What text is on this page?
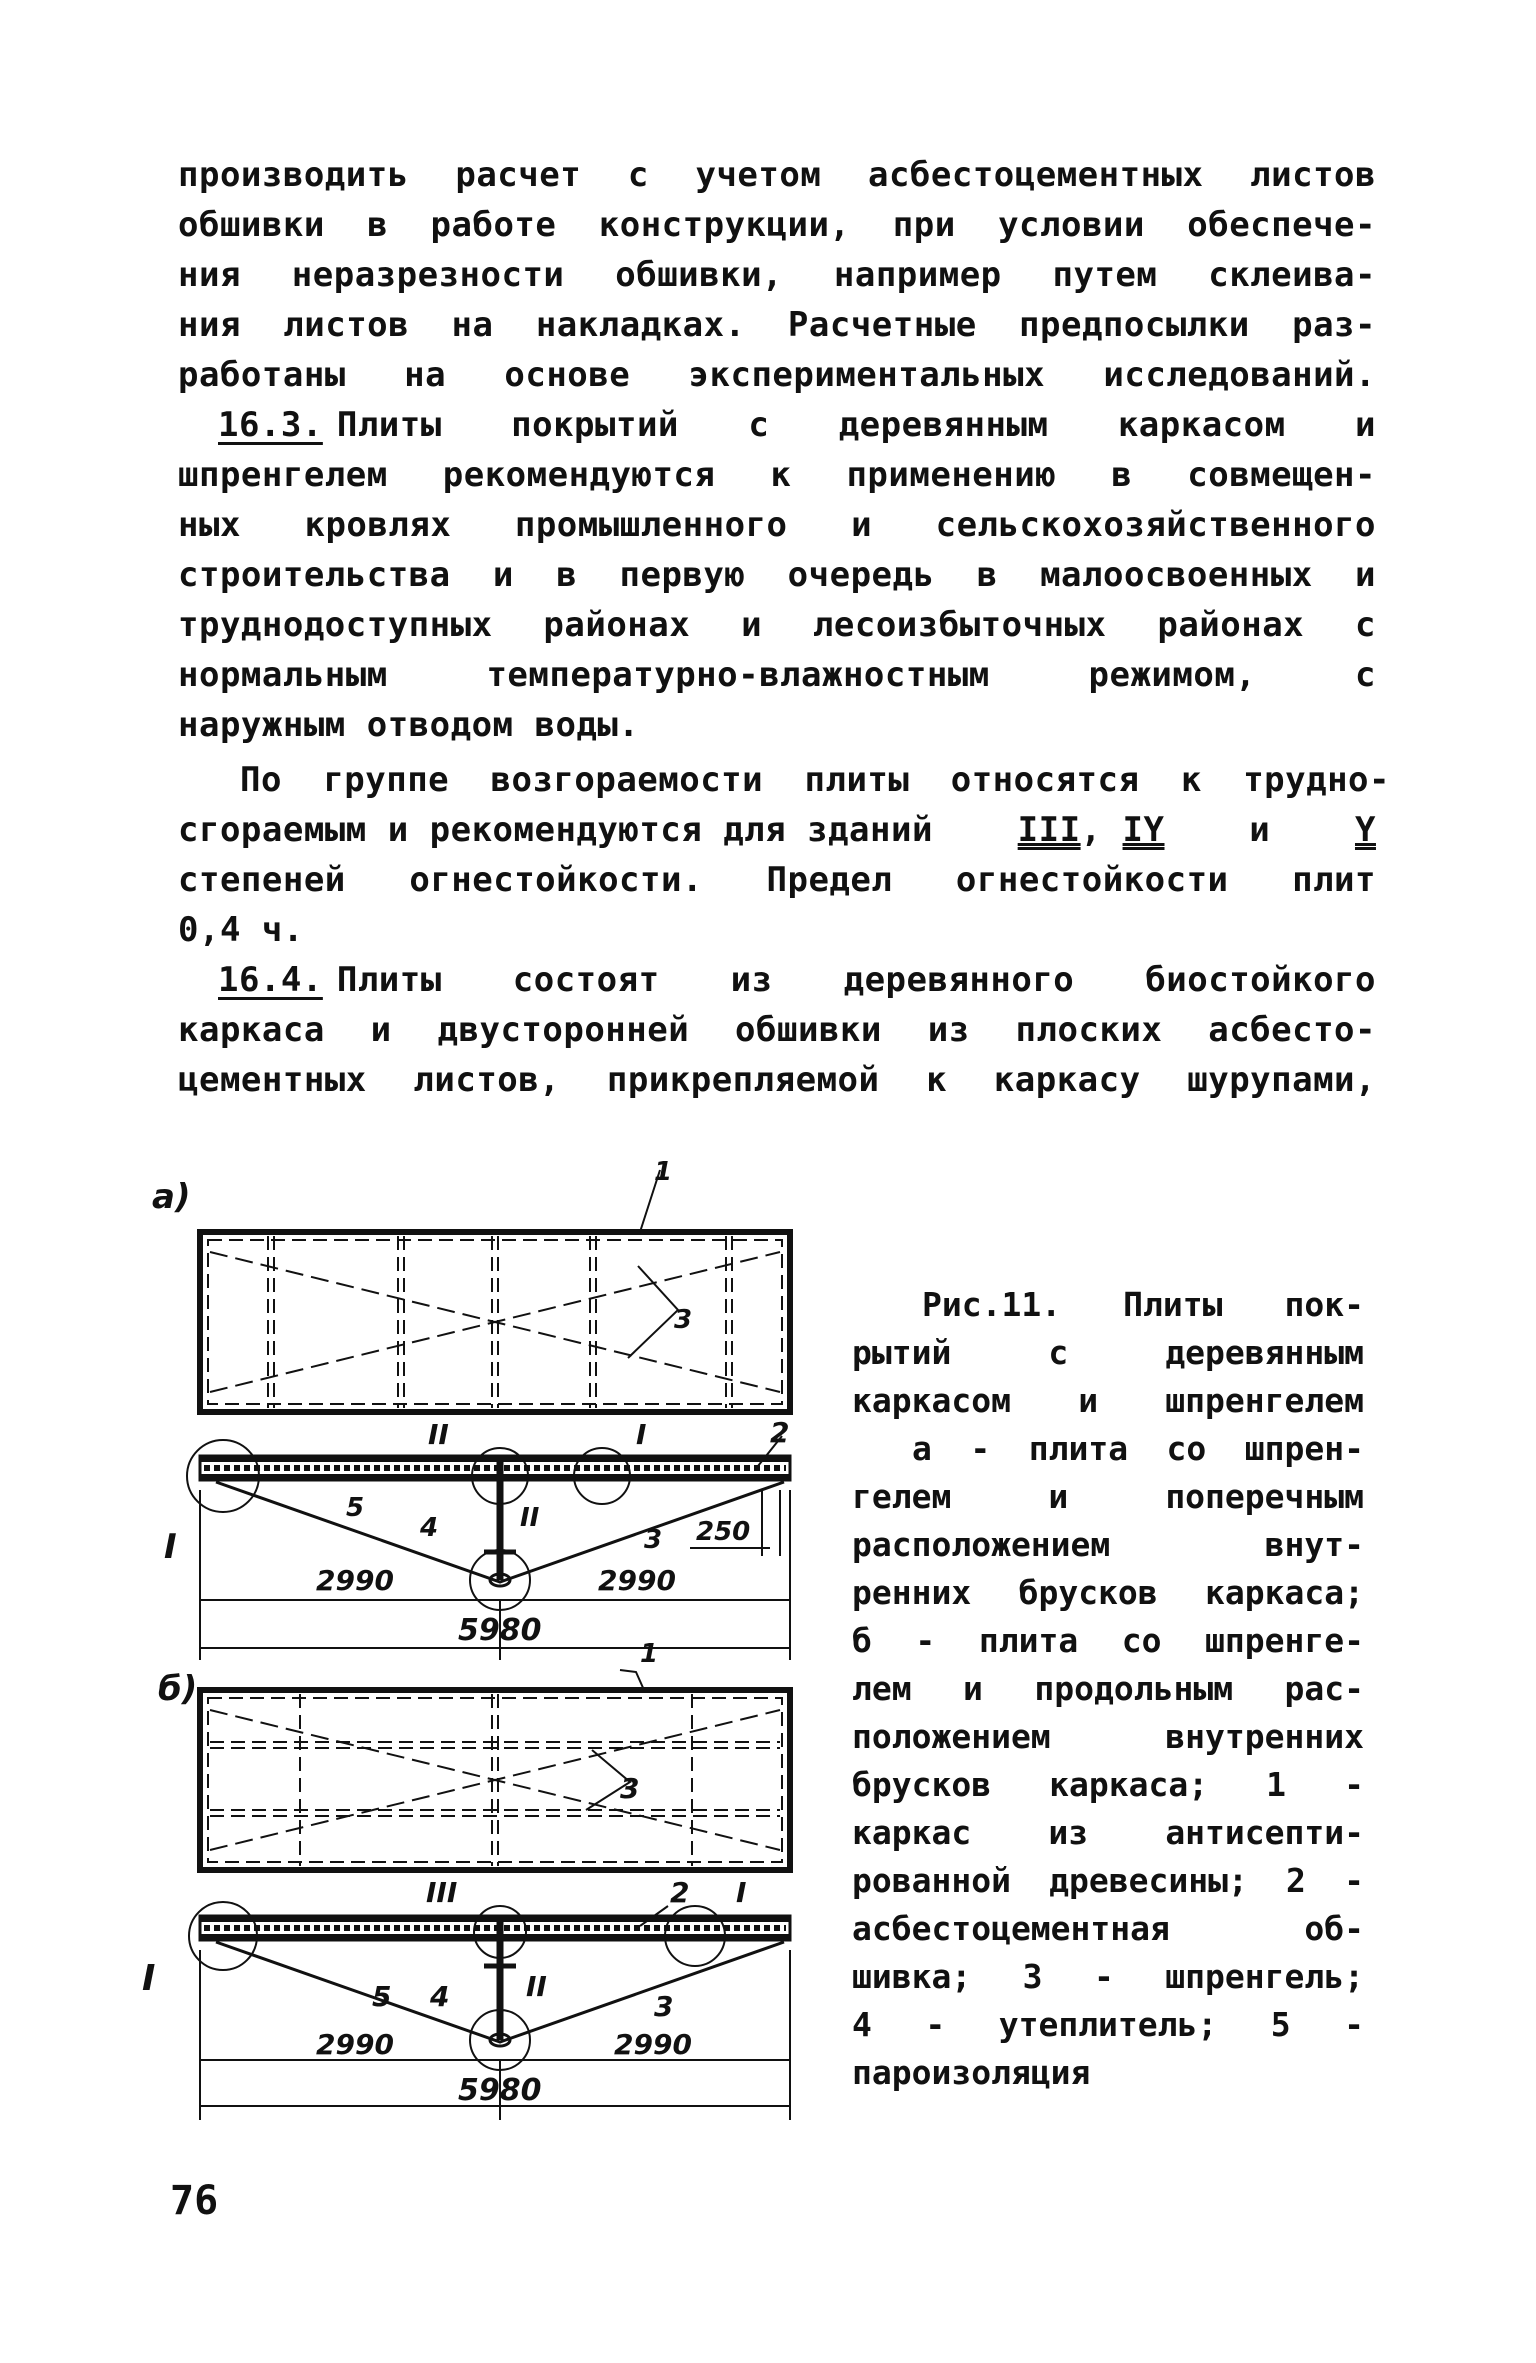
производить расчет с учетом асбестоцементных листов
обшивки в работе конструкции, при условии обеспече-
ния неразрезности обшивки, например путем склеива-
ния листов на накладках. Расчетные предпосылки раз-
работаны на основе экспериментальных исследований.
16.3. Плиты покрытий с деревянным каркасом и
шпренгелем рекомендуются к применению в совмещен-
ных кровлях промышленного и сельскохозяйственного
строительства и в первую очередь в малоосвоенных и
труднодоступных районах и лесоизбыточных районах с
нормальным температурно-влажностным режимом, с
наружным отводом воды.
По группе возгораемости плиты относятся к трудно-
сгораемым и рекомендуются для зданий III, IY и Y
степеней огнестойкости. Предел огнестойкости плит
0,4 ч.
16.4. Плиты состоят из деревянного биостойкого
каркаса и двусторонней обшивки из плоских асбесто-
цементных листов, прикрепляемой к каркасу шурупами,
а)
1
3
II	I	2
5
4	II
3
I	250
2990	2990
5980
б)
1
3
III	2 I
I	5 4	II
3
2990	2990
5980
Рис.11. Плиты пок-
рытий с деревянным
каркасом и шпренгелем
а - плита со шпрен-
гелем и поперечным
расположением внут-
ренних брусков каркаса;
б - плита со шпренге-
лем и продольным рас-
положением внутренних
брусков каркаса; 1 -
каркас из антисепти-
рованной древесины; 2 -
асбестоцементная об-
шивка; 3 - шпренгель;
4 - утеплитель; 5 -
пароизоляция
76
